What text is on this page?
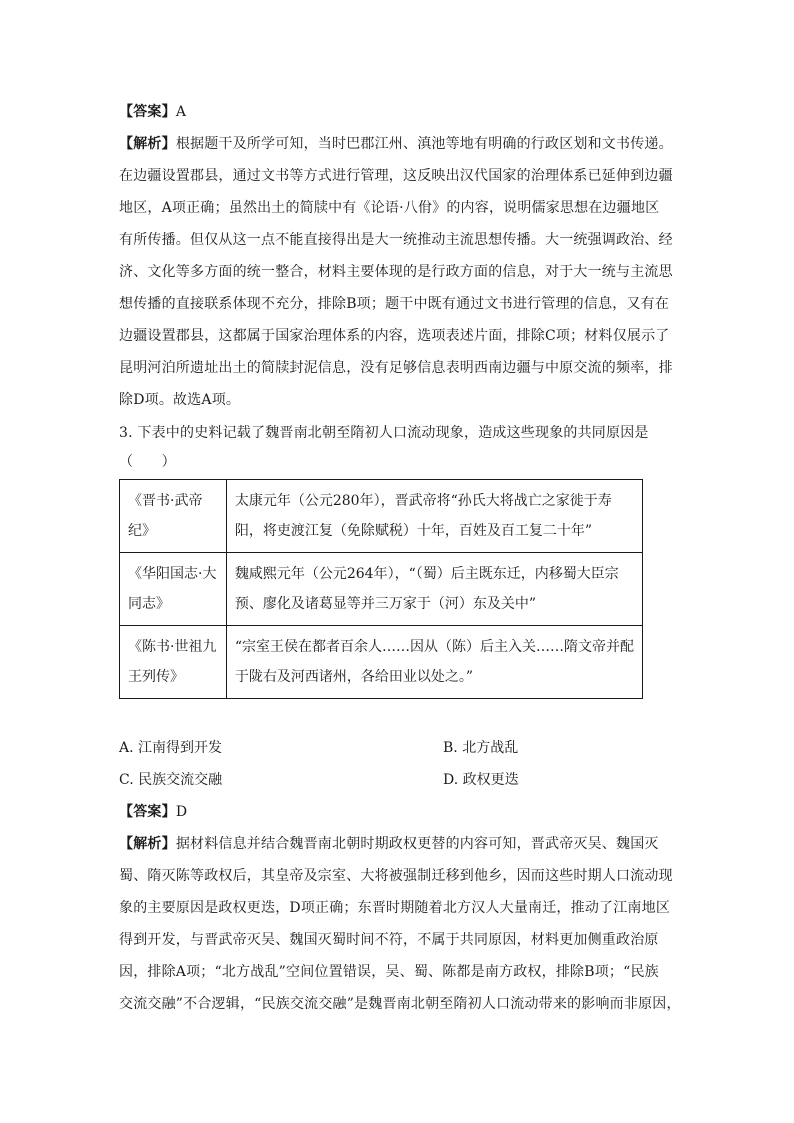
【答案】A
【解析】根据题干及所学可知，当时巴郡江州、滇池等地有明确的行政区划和文书传递。
在边疆设置郡县，通过文书等方式进行管理，这反映出汉代国家的治理体系已延伸到边疆
地区，A项正确；虽然出土的简牍中有《论语·八佾》的内容，说明儒家思想在边疆地区
有所传播。但仅从这一点不能直接得出是大一统推动主流思想传播。大一统强调政治、经
济、文化等多方面的统一整合，材料主要体现的是行政方面的信息，对于大一统与主流思
想传播的直接联系体现不充分，排除B项；题干中既有通过文书进行管理的信息，又有在
边疆设置郡县，这都属于国家治理体系的内容，选项表述片面，排除C项；材料仅展示了
昆明河泊所遗址出土的简牍封泥信息，没有足够信息表明西南边疆与中原交流的频率，排
除D项。故选A项。
3. 下表中的史料记载了魏晋南北朝至隋初人口流动现象，造成这些现象的共同原因是
（　　）
《晋书·武帝
纪》	太康元年（公元280年），晋武帝将“孙氏大将战亡之家徙于寿
阳，将吏渡江复（免除赋税）十年，百姓及百工复二十年”

《华阳国志·大
同志》	魏咸熙元年（公元264年），“（蜀）后主既东迁，内移蜀大臣宗
预、廖化及诸葛显等并三万家于（河）东及关中”

《陈书·世祖九
王列传》	“宗室王侯在都者百余人……因从（陈）后主入关……隋文帝并配
于陇右及河西诸州，各给田业以处之。”
A. 江南得到开发	B. 北方战乱
C. 民族交流交融	D. 政权更迭
【答案】D
【解析】据材料信息并结合魏晋南北朝时期政权更替的内容可知，晋武帝灭吴、魏国灭
蜀、隋灭陈等政权后，其皇帝及宗室、大将被强制迁移到他乡，因而这些时期人口流动现
象的主要原因是政权更迭，D项正确；东晋时期随着北方汉人大量南迁，推动了江南地区
得到开发，与晋武帝灭吴、魏国灭蜀时间不符，不属于共同原因，材料更加侧重政治原
因，排除A项；“北方战乱”空间位置错误，吴、蜀、陈都是南方政权，排除B项；“民族
交流交融”不合逻辑，“民族交流交融”是魏晋南北朝至隋初人口流动带来的影响而非原因，
